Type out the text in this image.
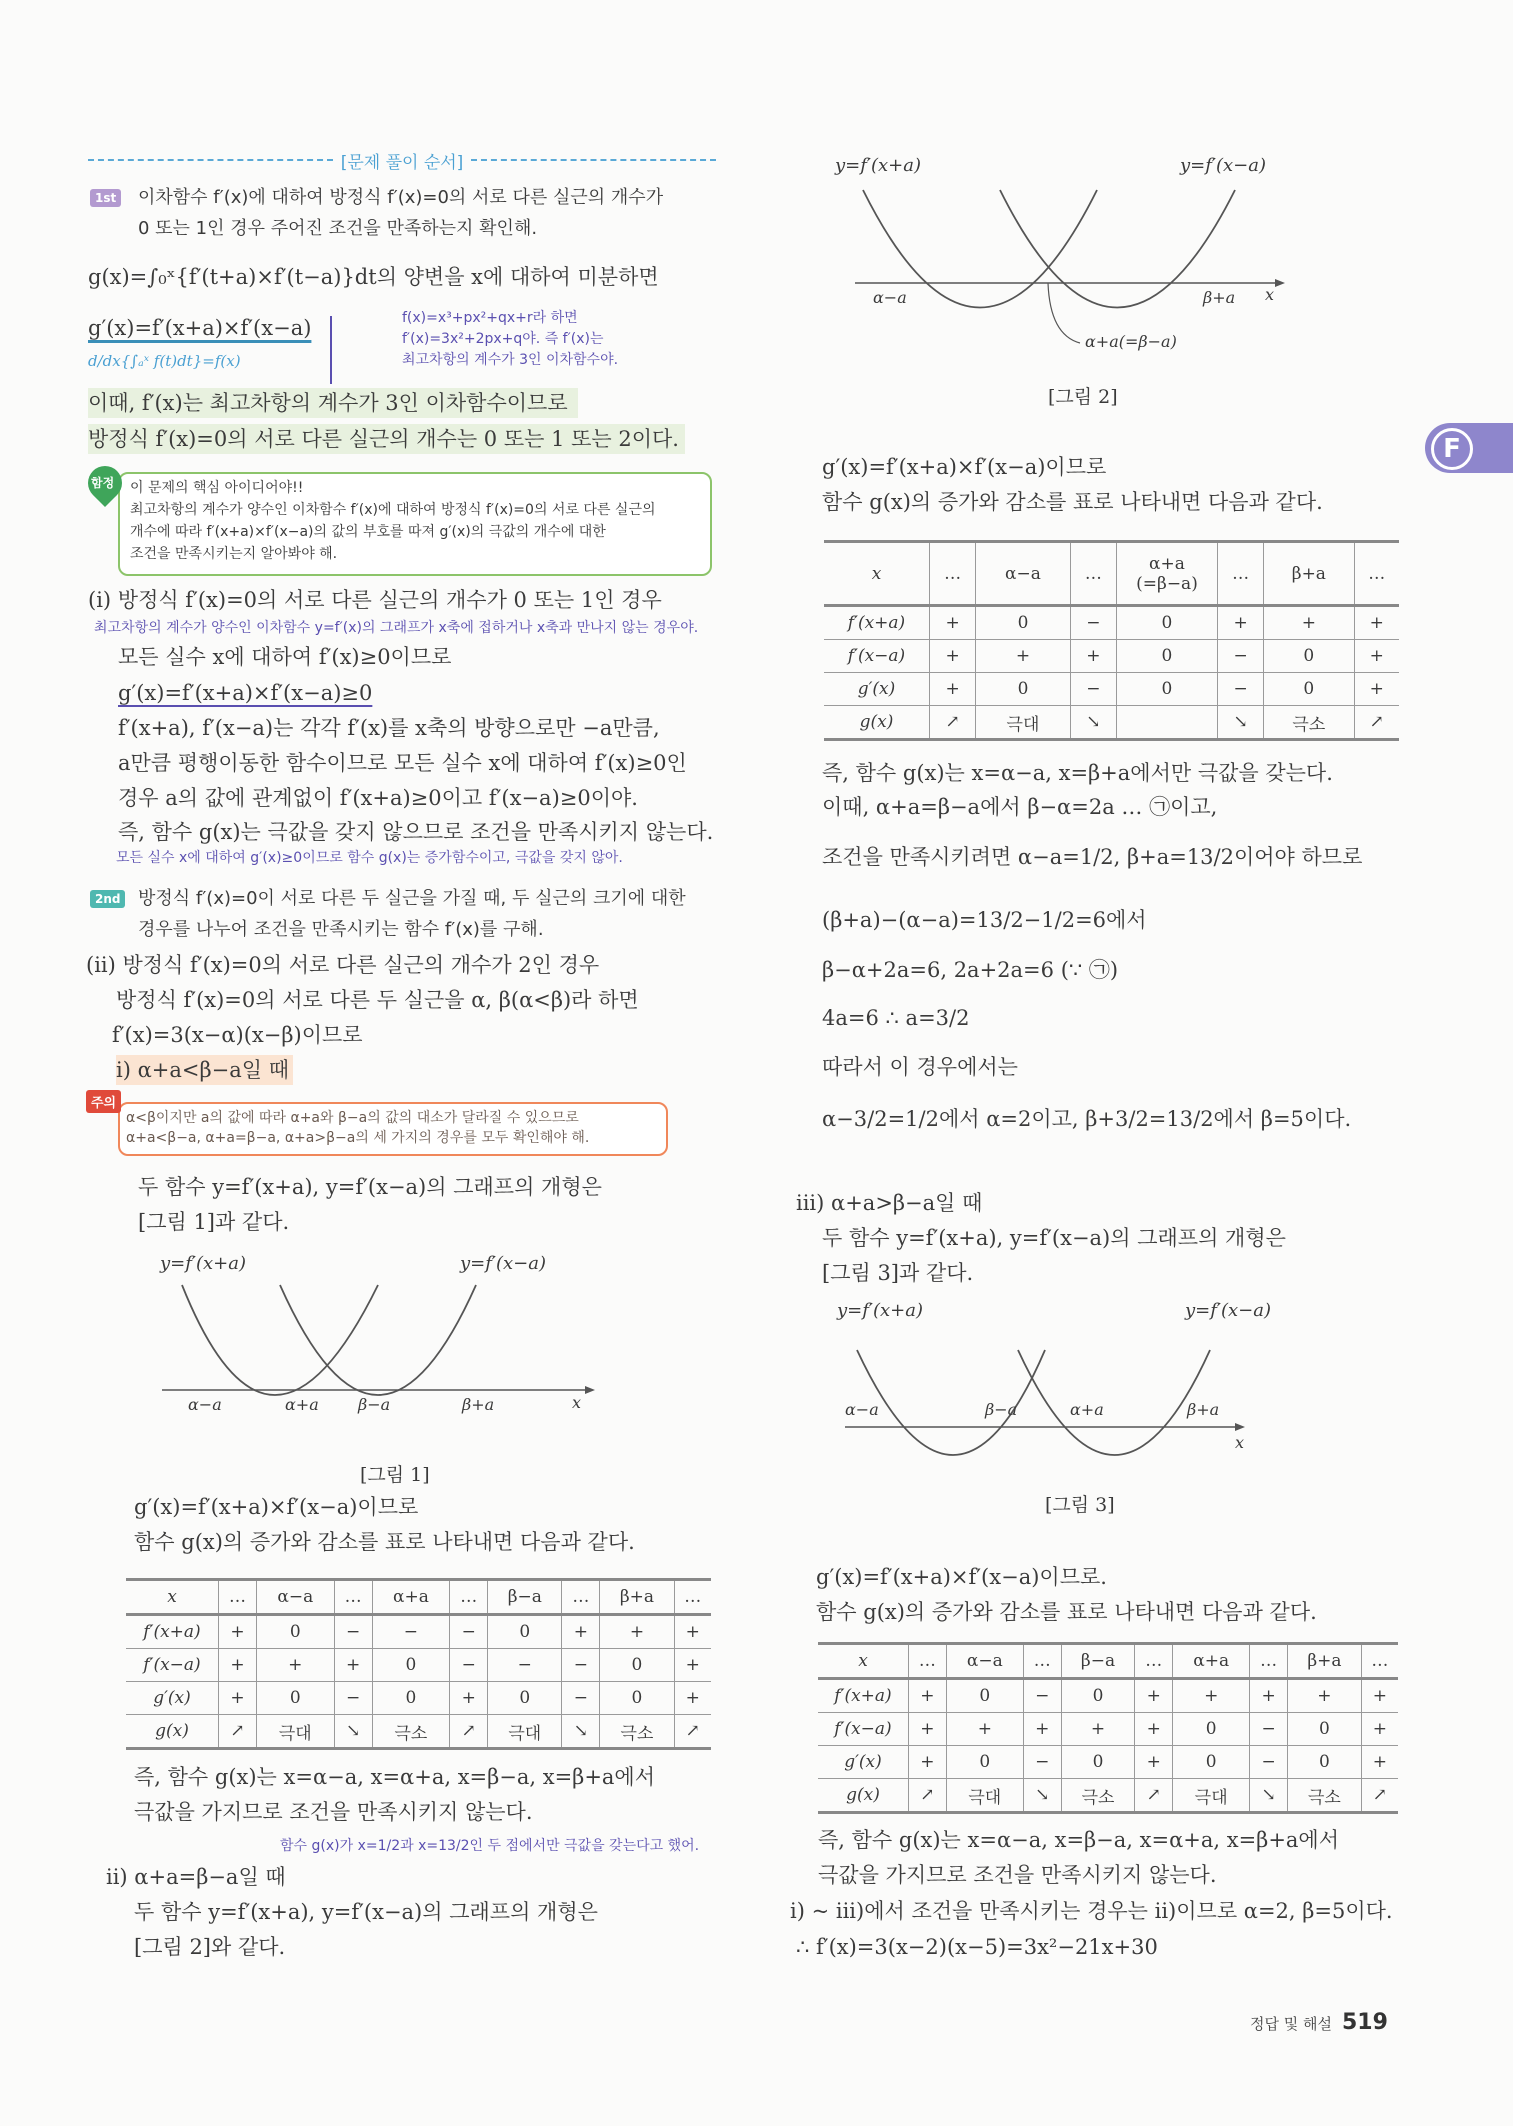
[문제 풀이 순서]
F
1st 이차함수 f′(x)에 대하여 방정식 f′(x)=0의 서로 다른 실근의 개수가
0 또는 1인 경우 주어진 조건을 만족하는지 확인해.
g(x)=∫₀ˣ{f′(t+a)×f′(t−a)}dt의 양변을 x에 대하여 미분하면
g′(x)=f′(x+a)×f′(x−a)
d/dx{∫ₐˣ f(t)dt}=f(x)
f(x)=x³+px²+qx+r라 하면
f′(x)=3x²+2px+q야. 즉 f′(x)는
최고차항의 계수가 3인 이차함수야.
이때, f′(x)는 최고차항의 계수가 3인 이차함수이므로
방정식 f′(x)=0의 서로 다른 실근의 개수는 0 또는 1 또는 2이다.
함정 이 문제의 핵심 아이디어야!!
최고차항의 계수가 양수인 이차함수 f′(x)에 대하여 방정식 f′(x)=0의 서로 다른 실근의
개수에 따라 f′(x+a)×f′(x−a)의 값의 부호를 따져 g′(x)의 극값의 개수에 대한
조건을 만족시키는지 알아봐야 해.
(i) 방정식 f′(x)=0의 서로 다른 실근의 개수가 0 또는 1인 경우
최고차항의 계수가 양수인 이차함수 y=f′(x)의 그래프가 x축에 접하거나 x축과 만나지 않는 경우야.
모든 실수 x에 대하여 f′(x)≥0이므로
g′(x)=f′(x+a)×f′(x−a)≥0
f′(x+a), f′(x−a)는 각각 f′(x)를 x축의 방향으로만 −a만큼,
a만큼 평행이동한 함수이므로 모든 실수 x에 대하여 f′(x)≥0인
경우 a의 값에 관계없이 f′(x+a)≥0이고 f′(x−a)≥0이야.
즉, 함수 g(x)는 극값을 갖지 않으므로 조건을 만족시키지 않는다.
모든 실수 x에 대하여 g′(x)≥0이므로 함수 g(x)는 증가함수이고, 극값을 갖지 않아.
2nd 방정식 f′(x)=0이 서로 다른 두 실근을 가질 때, 두 실근의 크기에 대한
경우를 나누어 조건을 만족시키는 함수 f′(x)를 구해.
(ii) 방정식 f′(x)=0의 서로 다른 실근의 개수가 2인 경우
방정식 f′(x)=0의 서로 다른 두 실근을 α, β(α<β)라 하면
f′(x)=3(x−α)(x−β)이므로
i) α+a<β−a일 때
주의
α<β이지만 a의 값에 따라 α+a와 β−a의 값의 대소가 달라질 수 있으므로
α+a<β−a, α+a=β−a, α+a>β−a의 세 가지의 경우를 모두 확인해야 해.
두 함수 y=f′(x+a), y=f′(x−a)의 그래프의 개형은
[그림 1]과 같다.
y=f′(x+a)	y=f′(x−a)
α−a	α+a β−a	β+a	x
[그림 1]
g′(x)=f′(x+a)×f′(x−a)이므로
함수 g(x)의 증가와 감소를 표로 나타내면 다음과 같다.
x	…	α−a	…	α+a	…	β−a	…	β+a	…
f′(x+a)	+	0	−	−	−	0	+	+	+
f′(x−a)	+	+	+	0	−	−	−	0	+
g′(x)	+	0	−	0	+	0	−	0	+
g(x)	↗	극대	↘	극소	↗	극대	↘	극소	↗
즉, 함수 g(x)는 x=α−a, x=α+a, x=β−a, x=β+a에서
극값을 가지므로 조건을 만족시키지 않는다.
함수 g(x)가 x=1/2과 x=13/2인 두 점에서만 극값을 갖는다고 했어.
ii) α+a=β−a일 때
두 함수 y=f′(x+a), y=f′(x−a)의 그래프의 개형은
[그림 2]와 같다.
y=f′(x+a)	y=f′(x−a)
α−a	β+a
α+a(=β−a)
x
[그림 2]
g′(x)=f′(x+a)×f′(x−a)이므로
함수 g(x)의 증가와 감소를 표로 나타내면 다음과 같다.
x	…	α−a	…	α+a (=β−a)	…	β+a	…
f′(x+a)	+	0	−	0	+	+	+
f′(x−a)	+	+	+	0	−	0	+
g′(x)	+	0	−	0	−	0	+
g(x)	↗	극대	↘		↘	극소	↗
즉, 함수 g(x)는 x=α−a, x=β+a에서만 극값을 갖는다.
이때, α+a=β−a에서 β−α=2a … ㉠이고,
조건을 만족시키려면 α−a=1/2, β+a=13/2이어야 하므로
(β+a)−(α−a)=13/2−1/2=6에서
β−α+2a=6, 2a+2a=6 (∵ ㉠)
4a=6 ∴ a=3/2
따라서 이 경우에서는
α−3/2=1/2에서 α=2이고, β+3/2=13/2에서 β=5이다.
iii) α+a>β−a일 때
두 함수 y=f′(x+a), y=f′(x−a)의 그래프의 개형은
[그림 3]과 같다.
y=f′(x+a)	y=f′(x−a)
α−a	β−a	α+a	β+a
x
[그림 3]
g′(x)=f′(x+a)×f′(x−a)이므로.
함수 g(x)의 증가와 감소를 표로 나타내면 다음과 같다.
x	…	α−a	…	β−a	…	α+a	…	β+a	…
f′(x+a)	+	0	−	0	+	+	+	+	+
f′(x−a)	+	+	+	+	+	0	−	0	+
g′(x)	+	0	−	0	+	0	−	0	+
g(x)	↗	극대	↘	극소	↗	극대	↘	극소	↗
즉, 함수 g(x)는 x=α−a, x=β−a, x=α+a, x=β+a에서
극값을 가지므로 조건을 만족시키지 않는다.
i) ~ iii)에서 조건을 만족시키는 경우는 ii)이므로 α=2, β=5이다.
∴ f′(x)=3(x−2)(x−5)=3x²−21x+30
정답 및 해설 519
